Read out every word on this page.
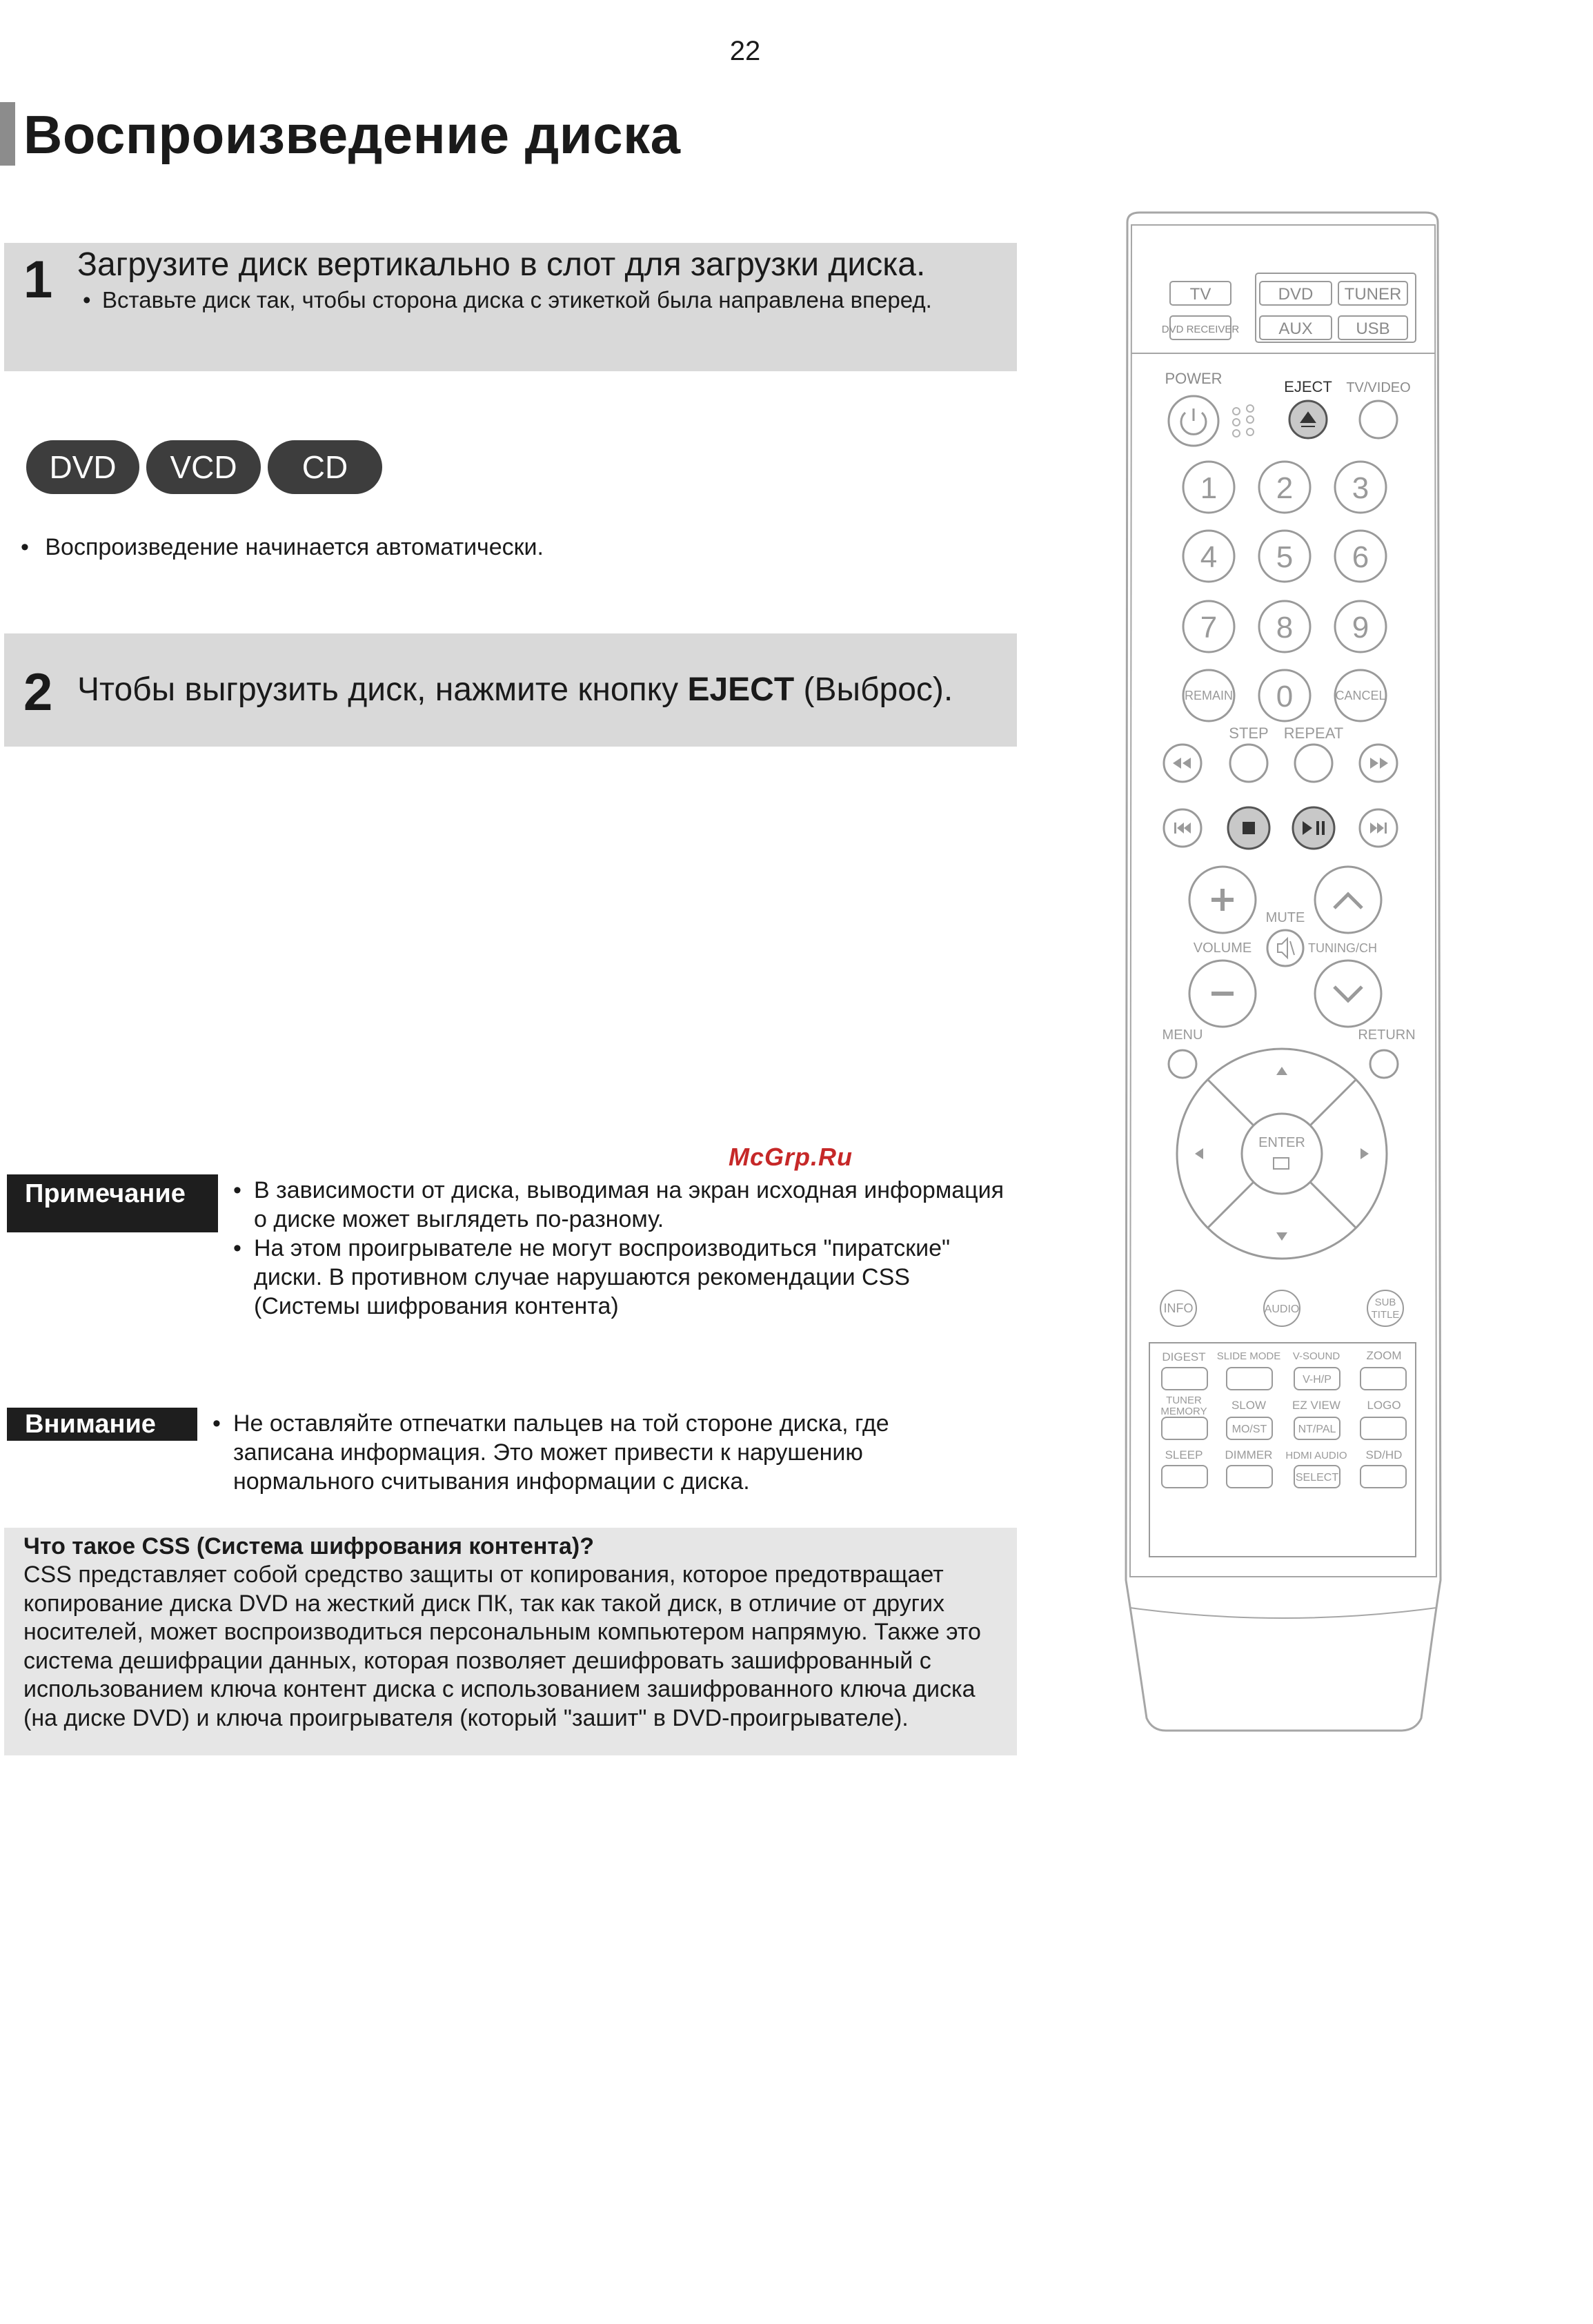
22
Воспроизведение диска
1 Загрузите диск вертикально в слот для загрузки диска.
• Вставьте диск так, чтобы сторона диска с этикеткой была направлена вперед.
DVD	VCD	CD
• Воспроизведение начинается автоматически.
2 Чтобы выгрузить диск, нажмите кнопку EJECT (Выброс).
McGrp.Ru
Примечание	• В зависимости от диска, выводимая на экран исходная информация о диске может выглядеть по-разному.
• На этом проигрывателе не могут воспроизводиться "пиратские" диски. В противном случае нарушаются рекомендации CSS (Системы шифрования контента)
Внимание	• Не оставляйте отпечатки пальцев на той стороне диска, где записана информация. Это может привести к нарушению нормального считывания информации с диска.
Что такое CSS (Система шифрования контента)?
CSS представляет собой средство защиты от копирования, которое предотвращает копирование диска DVD на жесткий диск ПК, так как такой диск, в отличие от других носителей, может воспроизводиться персональным компьютером напрямую. Также это система дешифрации данных, которая позволяет дешифровать зашифрованный с использованием ключа контент диска с использованием зашифрованного ключа диска (на диске DVD) и ключа проигрывателя (который "зашит" в DVD-проигрывателе).
TV	DVD TUNER
DVD RECEIVER AUX	USB
POWER	EJECT TV/VIDEO
1 2 3
4 5 6
7 8 9
0
REMAIN	CANCEL
STEP REPEAT
MUTE
VOLUME	TUNING/CH
MENU	RETURN
ENTER
INFO	AUDIO
SUB
TITLE
DIGEST SLIDE MODE V-SOUND ZOOM
TUNER
MEMORY SLOW EZ VIEW LOGO
SLEEP DIMMER HDMI AUDIO SD/HD
V-H/P
MO/ST	NT/PAL
SELECT
